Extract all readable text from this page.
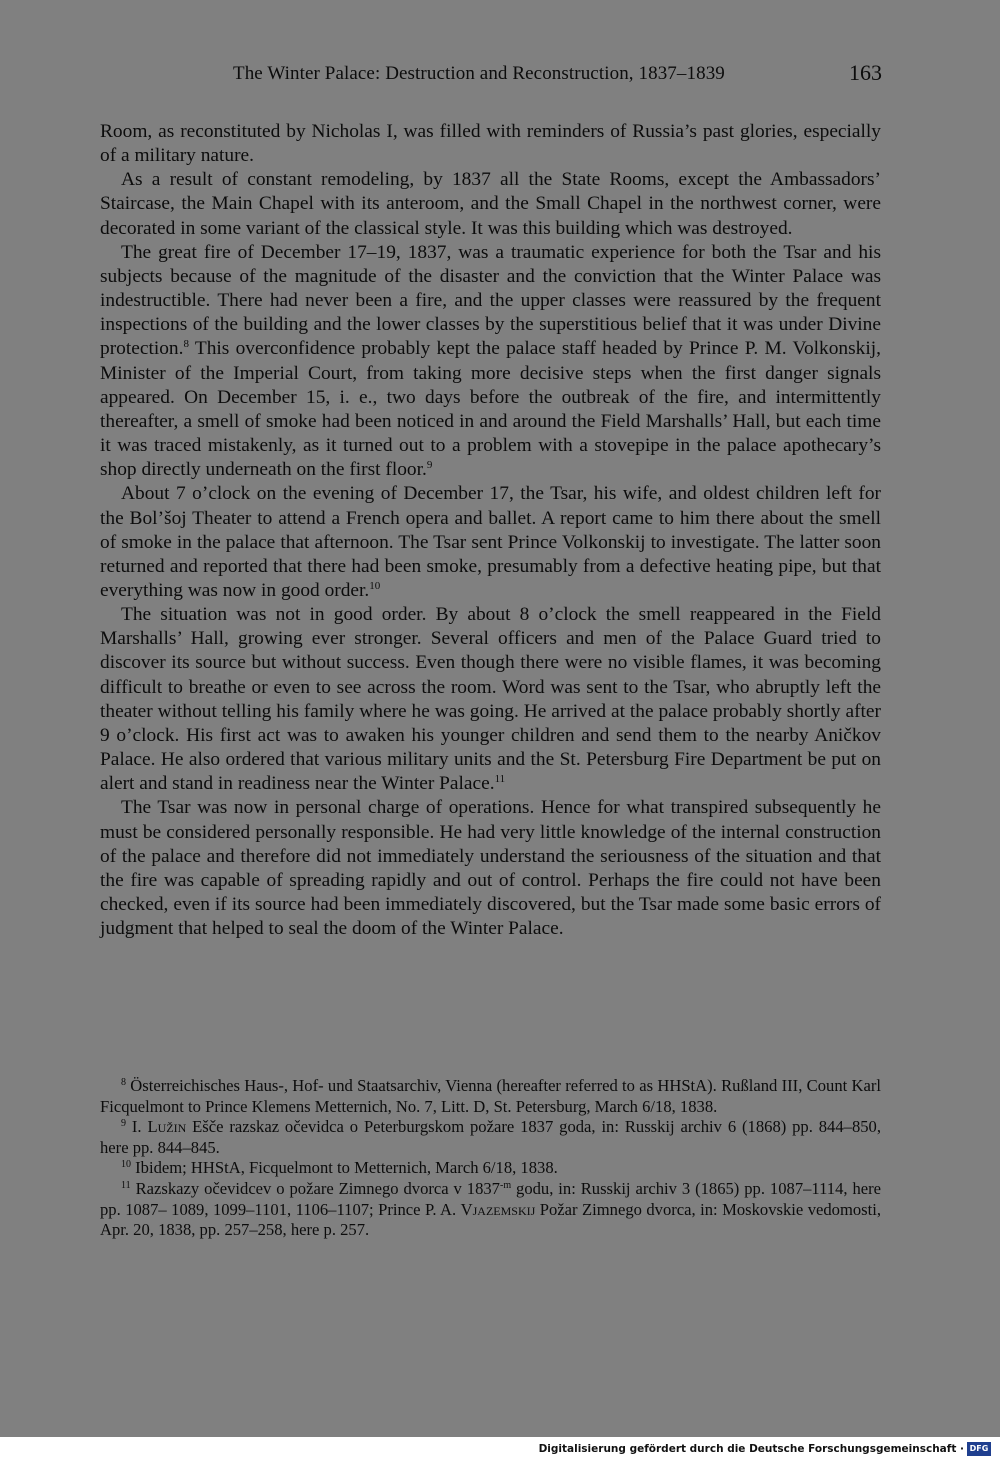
The Winter Palace: Destruction and Reconstruction, 1837–1839	163

Room, as reconstituted by Nicholas I, was filled with reminders of Russia’s past glories, especially of a military nature.

As a result of constant remodeling, by 1837 all the State Rooms, except the Ambassadors’ Staircase, the Main Chapel with its anteroom, and the Small Chapel in the northwest corner, were decorated in some variant of the classical style. It was this building which was destroyed.

The great fire of December 17–19, 1837, was a traumatic experience for both the Tsar and his subjects because of the magnitude of the disaster and the conviction that the Winter Palace was indestructible. There had never been a fire, and the upper classes were reassured by the frequent inspections of the building and the lower classes by the superstitious belief that it was under Divine protection.$^8$ This overconfidence probably kept the palace staff headed by Prince P. M. Volkonskij, Minister of the Imperial Court, from taking more decisive steps when the first danger signals appeared. On December 15, i. e., two days before the outbreak of the fire, and intermittently thereafter, a smell of smoke had been noticed in and around the Field Marshalls’ Hall, but each time it was traced mistakenly, as it turned out to a problem with a stovepipe in the palace apothecary’s shop directly underneath on the first floor.$^9$

About 7 o’clock on the evening of December 17, the Tsar, his wife, and oldest children left for the Bol’šoj Theater to attend a French opera and ballet. A report came to him there about the smell of smoke in the palace that afternoon. The Tsar sent Prince Volkonskij to investigate. The latter soon returned and reported that there had been smoke, presumably from a defective heating pipe, but that everything was now in good order.$^{10}$

The situation was not in good order. By about 8 o’clock the smell reappeared in the Field Marshalls’ Hall, growing ever stronger. Several officers and men of the Palace Guard tried to discover its source but without success. Even though there were no visible flames, it was becoming difficult to breathe or even to see across the room. Word was sent to the Tsar, who abruptly left the theater without telling his family where he was going. He arrived at the palace probably shortly after 9 o’clock. His first act was to awaken his younger children and send them to the nearby Aničkov Palace. He also ordered that various military units and the St. Petersburg Fire Department be put on alert and stand in readiness near the Winter Palace.$^{11}$

The Tsar was now in personal charge of operations. Hence for what transpired subsequently he must be considered personally responsible. He had very little knowledge of the internal construction of the palace and therefore did not immediately understand the seriousness of the situation and that the fire was capable of spreading rapidly and out of control. Perhaps the fire could not have been checked, even if its source had been immediately discovered, but the Tsar made some basic errors of judgment that helped to seal the doom of the Winter Palace.

$^8$ Österreichisches Haus-, Hof- und Staatsarchiv, Vienna (hereafter referred to as HHStA). Rußland III, Count Karl Ficquelmont to Prince Klemens Metternich, No. 7, Litt. D, St. Petersburg, March 6/18, 1838.

$^9$ I. Lužin Ešče razskaz očevidca o Peterburgskom požare 1837 goda, in: Russkij archiv 6 (1868) pp. 844–850, here pp. 844–845.

$^{10}$ Ibidem; HHStA, Ficquelmont to Metternich, March 6/18, 1838.

$^{11}$ Razskazy očevidcev o požare Zimnego dvorca v $1837^{-m}$ godu, in: Russkij archiv 3 (1865) pp. 1087–1114, here pp. 1087– 1089, 1099–1101, 1106–1107; Prince P. A. Vjazemskij Požar Zimnego dvorca, in: Moskovskie vedomosti, Apr. 20, 1838, pp. 257–258, here p. 257.

Digitalisierung gefördert durch die Deutsche Forschungsgemeinschaft · DFG
